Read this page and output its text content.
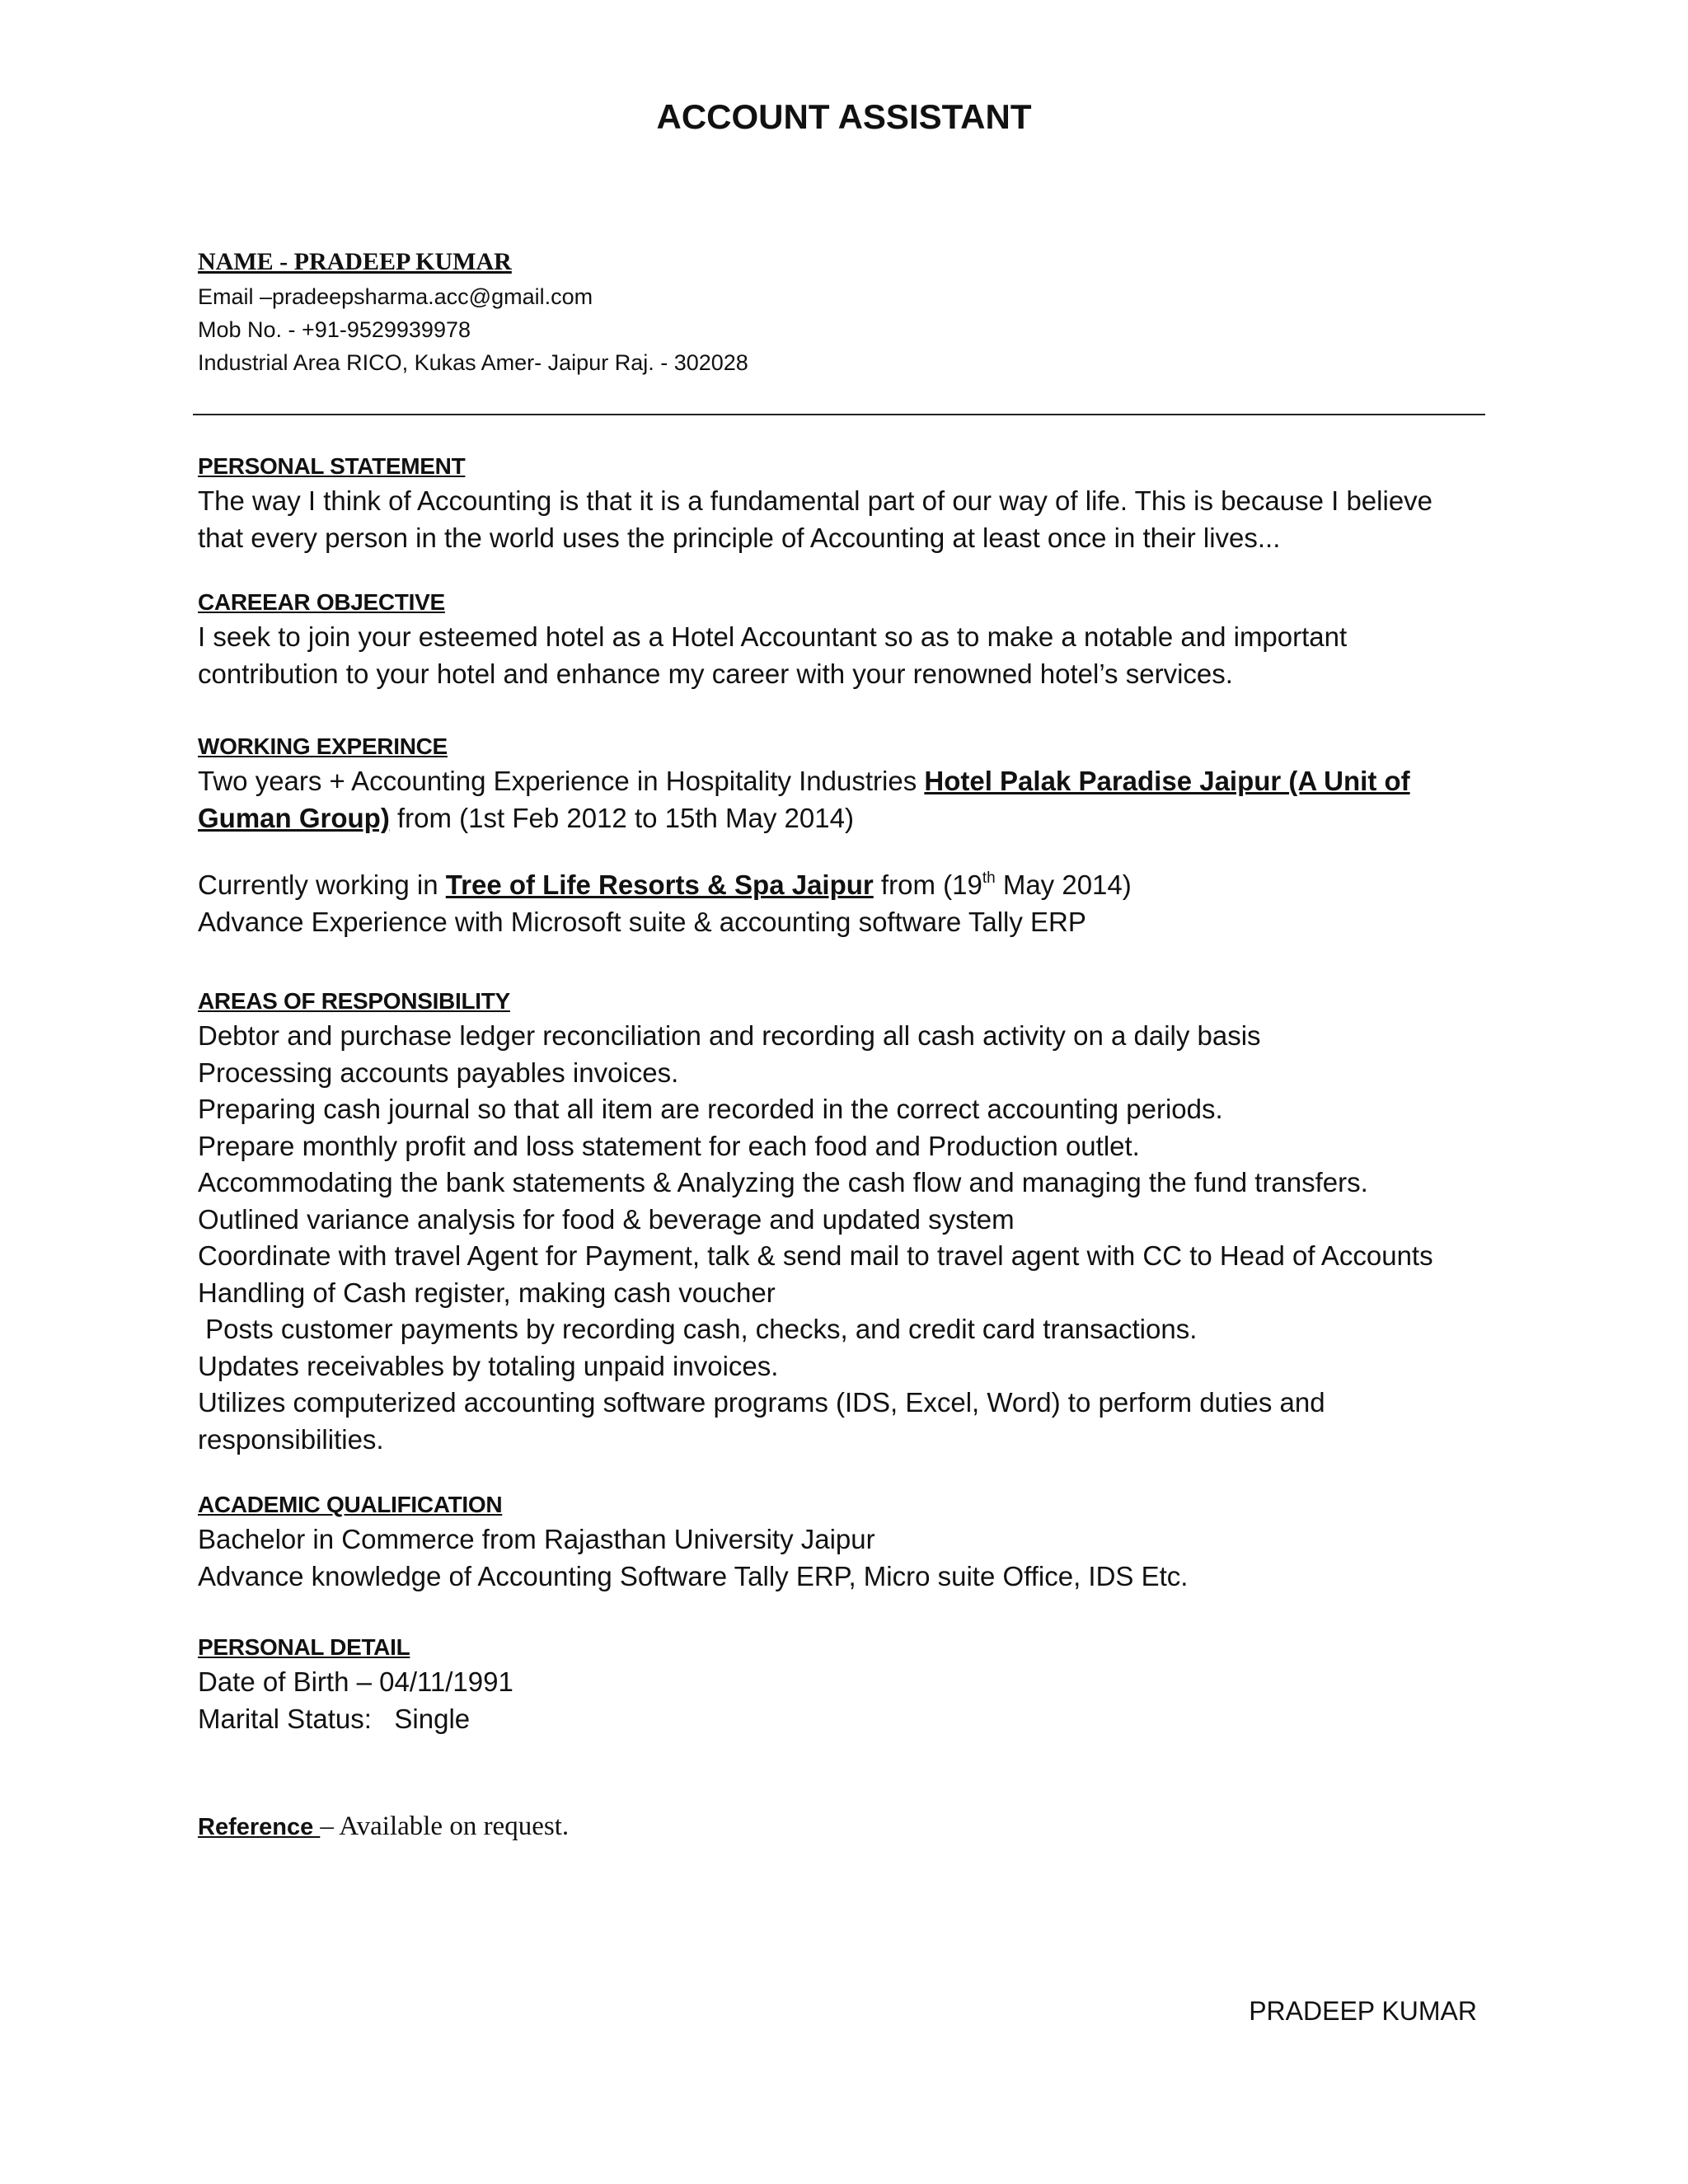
ACCOUNT ASSISTANT
NAME - PRADEEP KUMAR
Email –pradeepsharma.acc@gmail.com
Mob No. - +91-9529939978
Industrial Area RICO, Kukas Amer- Jaipur Raj. - 302028
PERSONAL STATEMENT
The way I think of Accounting is that it is a fundamental part of our way of life. This is because I believe
that every person in the world uses the principle of Accounting at least once in their lives...
CAREEAR OBJECTIVE
I seek to join your esteemed hotel as a Hotel Accountant so as to make a notable and important
contribution to your hotel and enhance my career with your renowned hotel’s services.
WORKING EXPERINCE
Two years + Accounting Experience in Hospitality Industries Hotel Palak Paradise Jaipur (A Unit of
Guman Group) from (1st Feb 2012 to 15th May 2014)
Currently working in Tree of Life Resorts & Spa Jaipur from (19th May 2014)
Advance Experience with Microsoft suite & accounting software Tally ERP
AREAS OF RESPONSIBILITY
Debtor and purchase ledger reconciliation and recording all cash activity on a daily basis
Processing accounts payables invoices.
Preparing cash journal so that all item are recorded in the correct accounting periods.
Prepare monthly profit and loss statement for each food and Production outlet.
Accommodating the bank statements & Analyzing the cash flow and managing the fund transfers.
Outlined variance analysis for food & beverage and updated system
Coordinate with travel Agent for Payment, talk & send mail to travel agent with CC to Head of Accounts
Handling of Cash register, making cash voucher
Posts customer payments by recording cash, checks, and credit card transactions.
Updates receivables by totaling unpaid invoices.
Utilizes computerized accounting software programs (IDS, Excel, Word) to perform duties and
responsibilities.
ACADEMIC QUALIFICATION
Bachelor in Commerce from Rajasthan University Jaipur
Advance knowledge of Accounting Software Tally ERP, Micro suite Office, IDS Etc.
PERSONAL DETAIL
Date of Birth – 04/11/1991
Marital Status:   Single
Reference – Available on request.
PRADEEP KUMAR
